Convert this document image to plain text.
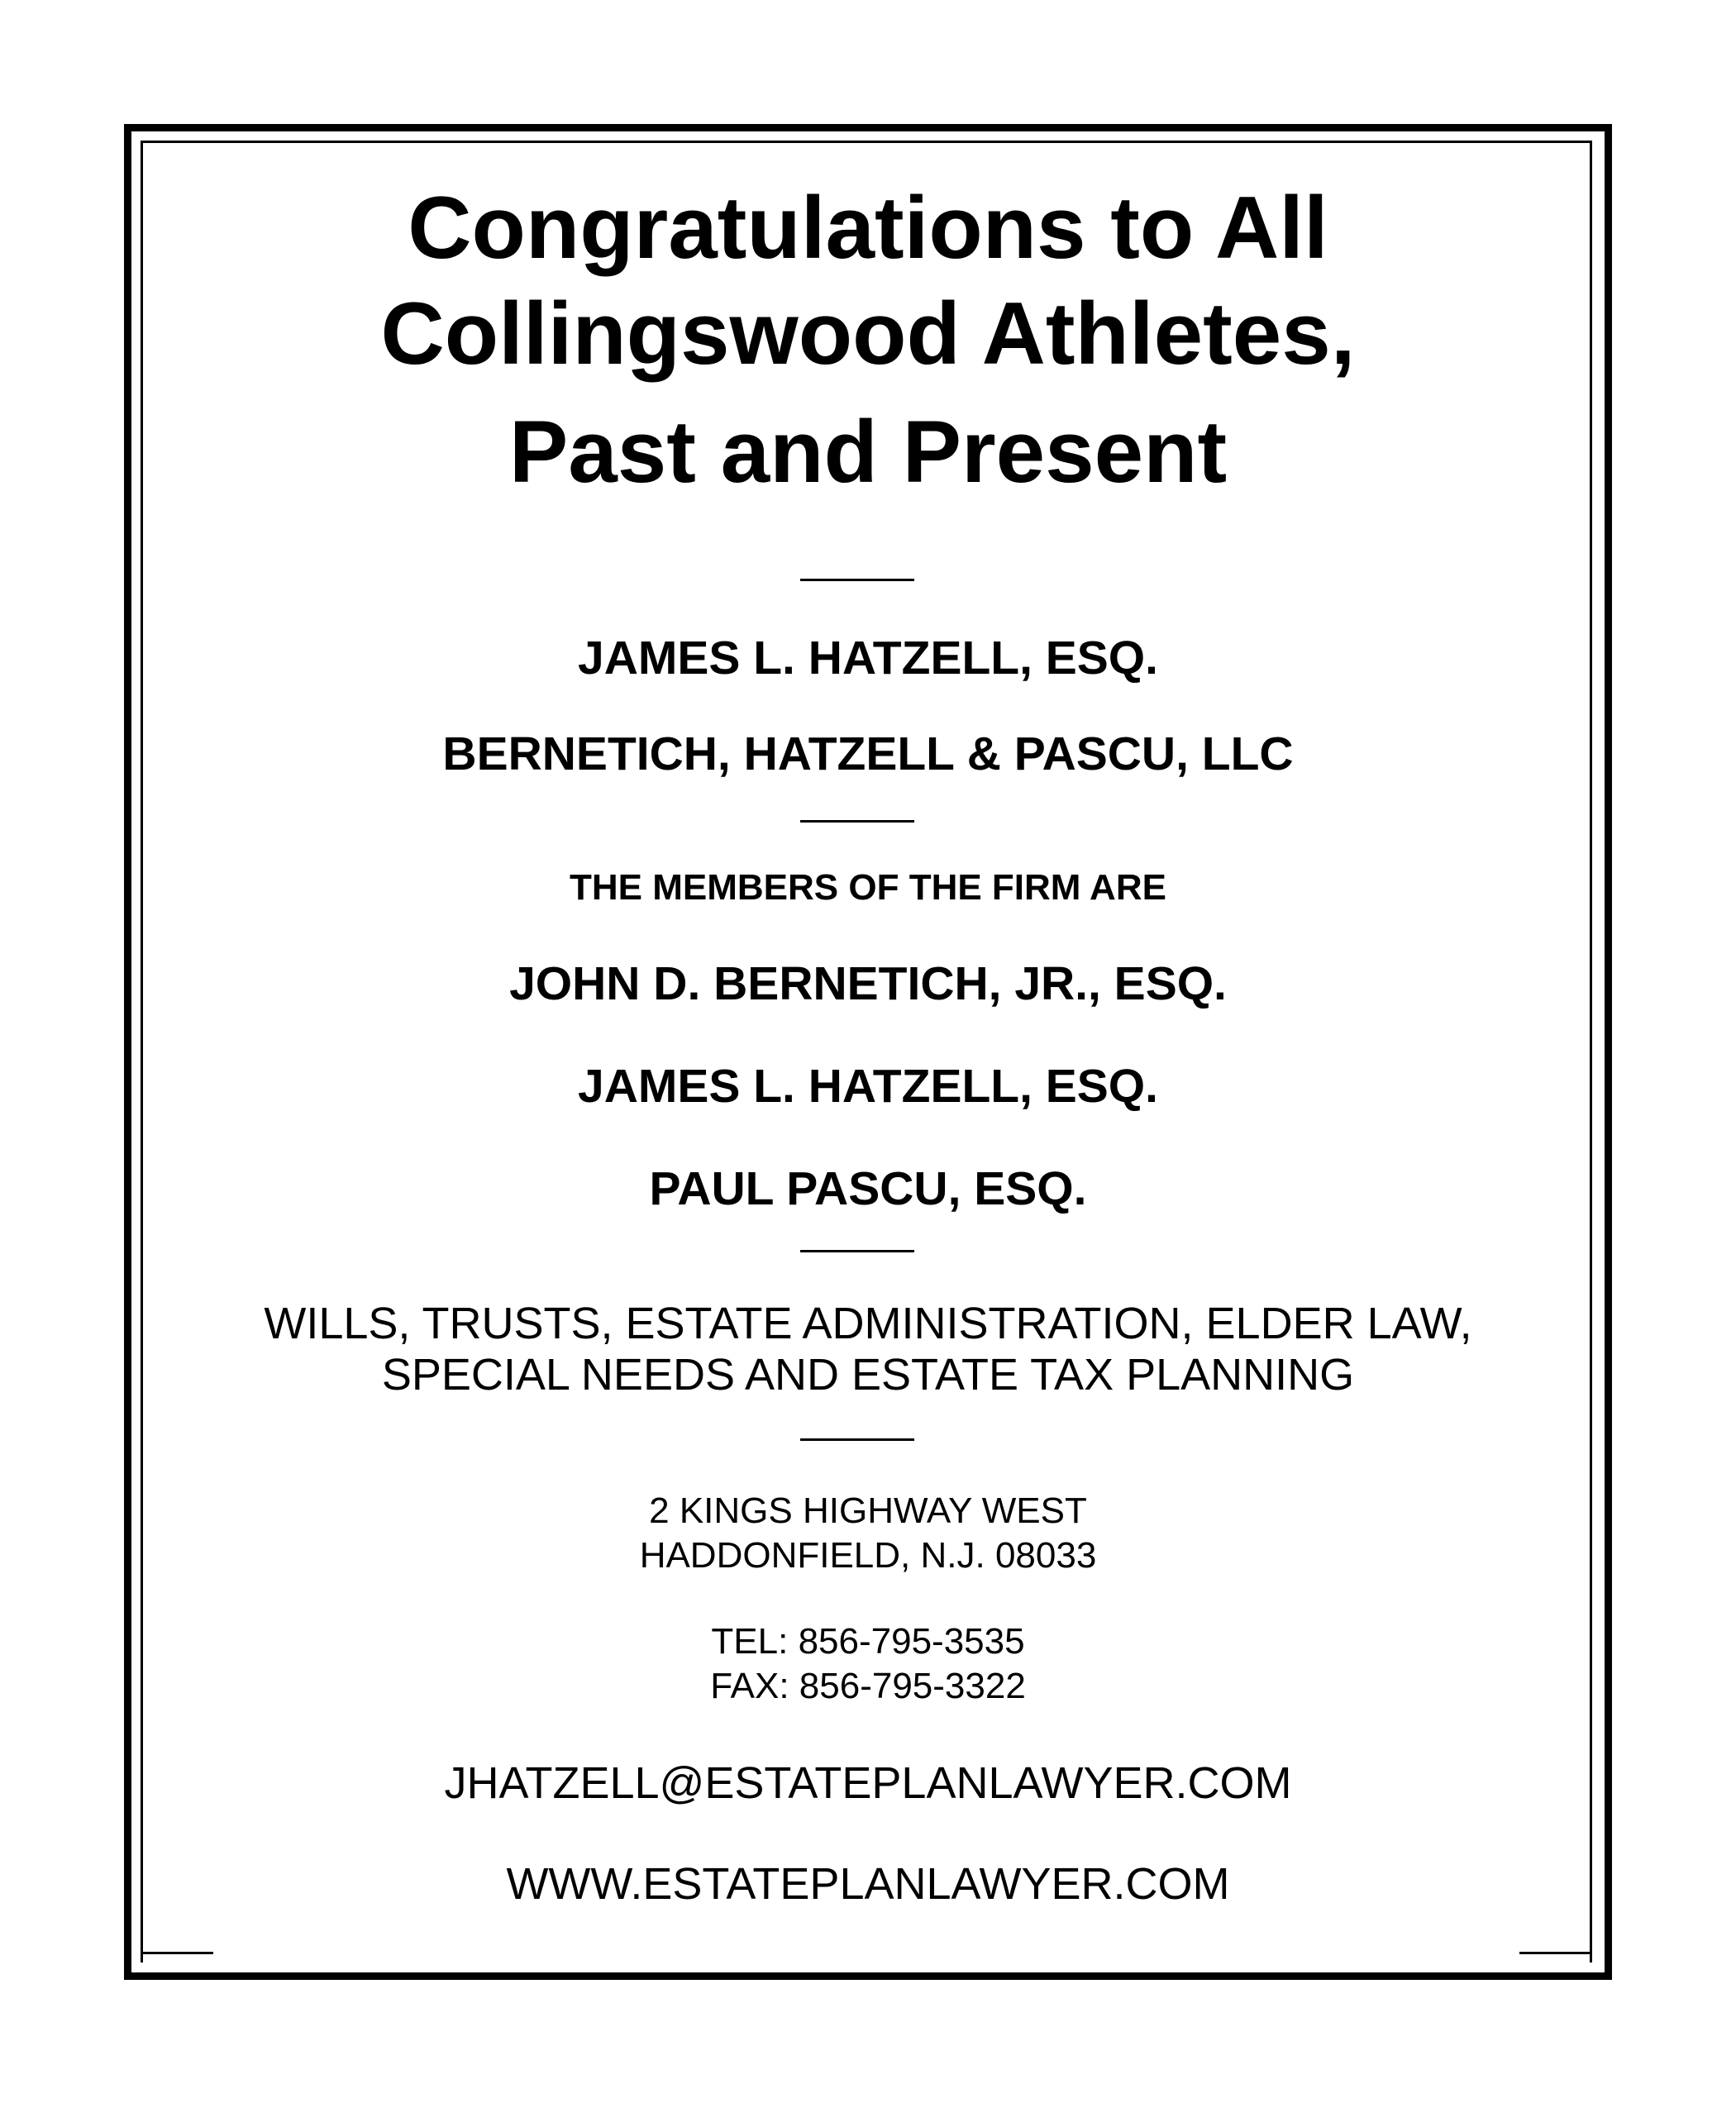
Congratulations to All
Collingswood Athletes,
Past and Present
JAMES L. HATZELL, ESQ.
BERNETICH, HATZELL & PASCU, LLC
THE MEMBERS OF THE FIRM ARE
JOHN D. BERNETICH, JR., ESQ.
JAMES L. HATZELL, ESQ.
PAUL PASCU, ESQ.
WILLS, TRUSTS, ESTATE ADMINISTRATION, ELDER LAW,
SPECIAL NEEDS AND ESTATE TAX PLANNING
2 KINGS HIGHWAY WEST
HADDONFIELD, N.J. 08033
TEL: 856-795-3535
FAX: 856-795-3322
JHATZELL@ESTATEPLANLAWYER.COM
WWW.ESTATEPLANLAWYER.COM
